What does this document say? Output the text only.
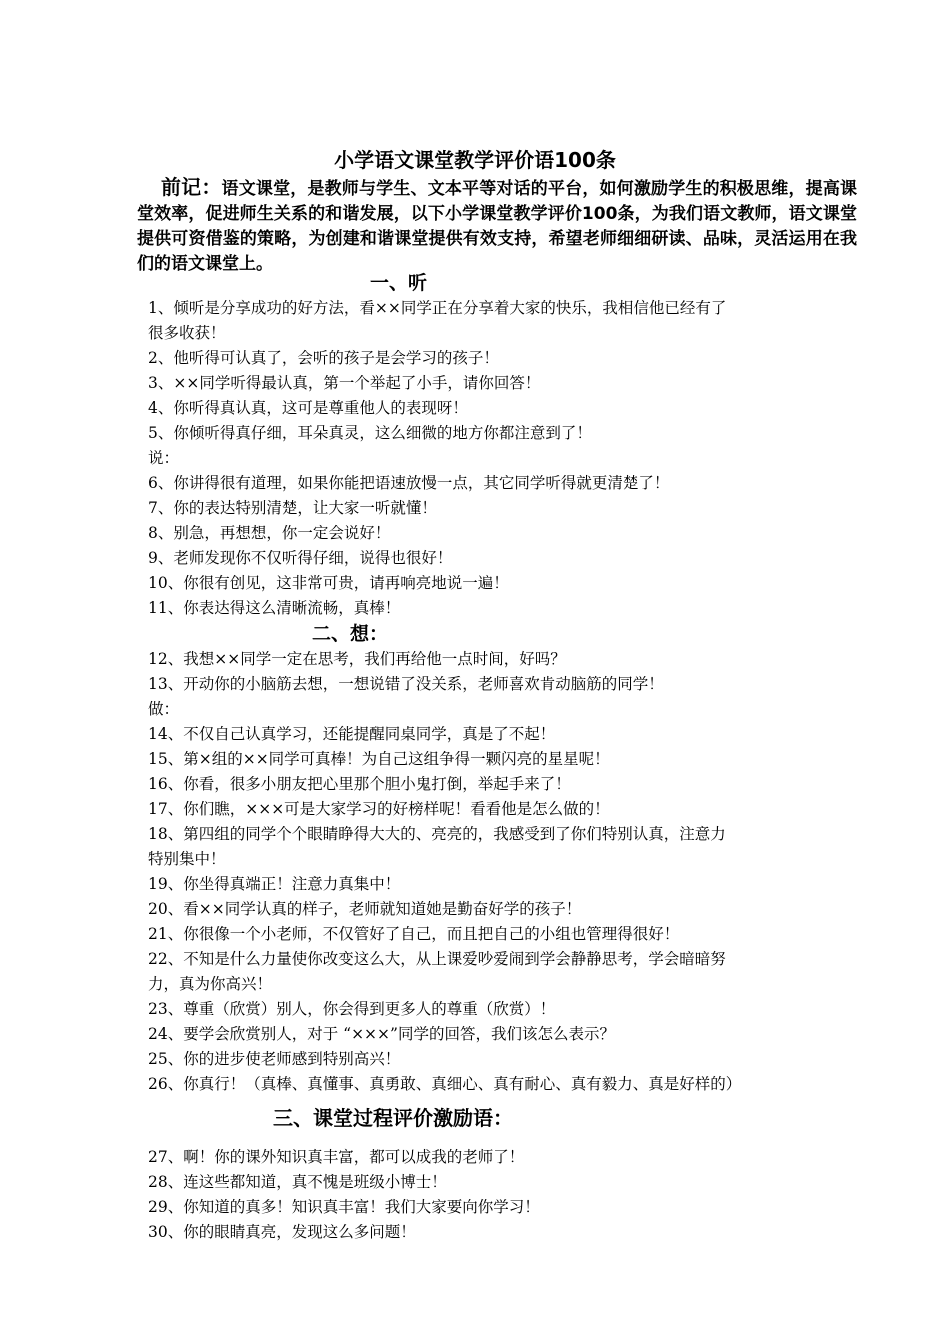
小学语文课堂教学评价语100条
前记：语文课堂，是教师与学生、文本平等对话的平台，如何激励学生的积极思维，提高课堂效率，促进师生关系的和谐发展，以下小学课堂教学评价100条，为我们语文教师，语文课堂提供可资借鉴的策略，为创建和谐课堂提供有效支持，希望老师细细研读、品味，灵活运用在我们的语文课堂上。
一、听
1、倾听是分享成功的好方法，看××同学正在分享着大家的快乐，我相信他已经有了
很多收获！
2、他听得可认真了，会听的孩子是会学习的孩子！
3、××同学听得最认真，第一个举起了小手，请你回答！
4、你听得真认真，这可是尊重他人的表现呀！
5、你倾听得真仔细，耳朵真灵，这么细微的地方你都注意到了！
说：
6、你讲得很有道理，如果你能把语速放慢一点，其它同学听得就更清楚了！
7、你的表达特别清楚，让大家一听就懂！
8、别急，再想想，你一定会说好！
9、老师发现你不仅听得仔细，说得也很好！
10、你很有创见，这非常可贵，请再响亮地说一遍！
11、你表达得这么清晰流畅，真棒！
二、想：
12、我想××同学一定在思考，我们再给他一点时间，好吗？
13、开动你的小脑筋去想，一想说错了没关系，老师喜欢肯动脑筋的同学！
做：
14、不仅自己认真学习，还能提醒同桌同学，真是了不起！
15、第×组的××同学可真棒！为自己这组争得一颗闪亮的星星呢！
16、你看，很多小朋友把心里那个胆小鬼打倒，举起手来了！
17、你们瞧，×××可是大家学习的好榜样呢！看看他是怎么做的！
18、第四组的同学个个眼睛睁得大大的、亮亮的，我感受到了你们特别认真，注意力
特别集中！
19、你坐得真端正！注意力真集中！
20、看××同学认真的样子，老师就知道她是勤奋好学的孩子！
21、你很像一个小老师，不仅管好了自己，而且把自己的小组也管理得很好！
22、不知是什么力量使你改变这么大，从上课爱吵爱闹到学会静静思考，学会暗暗努
力，真为你高兴！
23、尊重（欣赏）别人，你会得到更多人的尊重（欣赏）！
24、要学会欣赏别人，对于 “×××”同学的回答，我们该怎么表示？
25、你的进步使老师感到特别高兴！
26、你真行！（真棒、真懂事、真勇敢、真细心、真有耐心、真有毅力、真是好样的）
三、课堂过程评价激励语：
27、啊！你的课外知识真丰富，都可以成我的老师了！
28、连这些都知道，真不愧是班级小博士！
29、你知道的真多！知识真丰富！我们大家要向你学习！
30、你的眼睛真亮，发现这么多问题！
